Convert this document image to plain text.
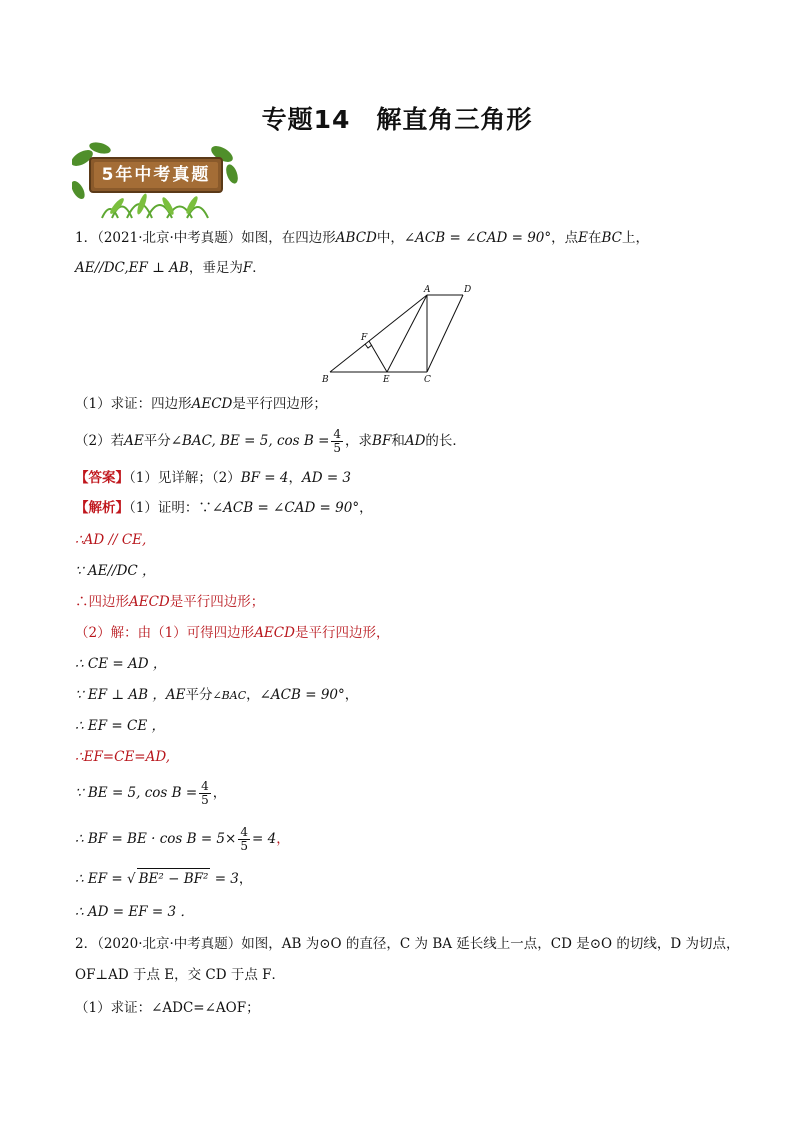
专题14　解直角三角形
5年中考真题
1．（2021·北京·中考真题）如图，在四边形ABCD中，∠ACB = ∠CAD = 90°，点E在BC上，
AE//DC,EF ⊥ AB，垂足为F．
A	D
B	E	C
F
（1）求证：四边形AECD是平行四边形；
（2）若AE平分∠BAC, BE = 5, $\cos B = \frac{4}{5}$ ，求BF和AD的长．
【答案】（1）见详解；（2）BF = 4，AD = 3
【解析】（1）证明：∵∠ACB = ∠CAD = 90°，
∴AD // CE,
∵ AE//DC ，
∴四边形AECD是平行四边形；
（2）解：由（1）可得四边形AECD是平行四边形，
∴ CE = AD ，
∵ EF ⊥ AB ，AE平分∠BAC，∠ACB = 90°，
∴ EF = CE ，
∴EF=CE=AD,
∵ BE = 5, $\cos B = \frac{4}{5}$ ，
∴ BF = BE · $\cos B = 5\times \frac{4}{5} = 4$，
∴ EF = √ BE² − BF² = 3，
∴ AD = EF = 3 ．
2．（2020·北京·中考真题）如图，AB 为⊙O 的直径，C 为 BA 延长线上一点，CD 是⊙O 的切线，D 为切点，
OF⊥AD 于点 E，交 CD 于点 F．
（1）求证：∠ADC=∠AOF；
